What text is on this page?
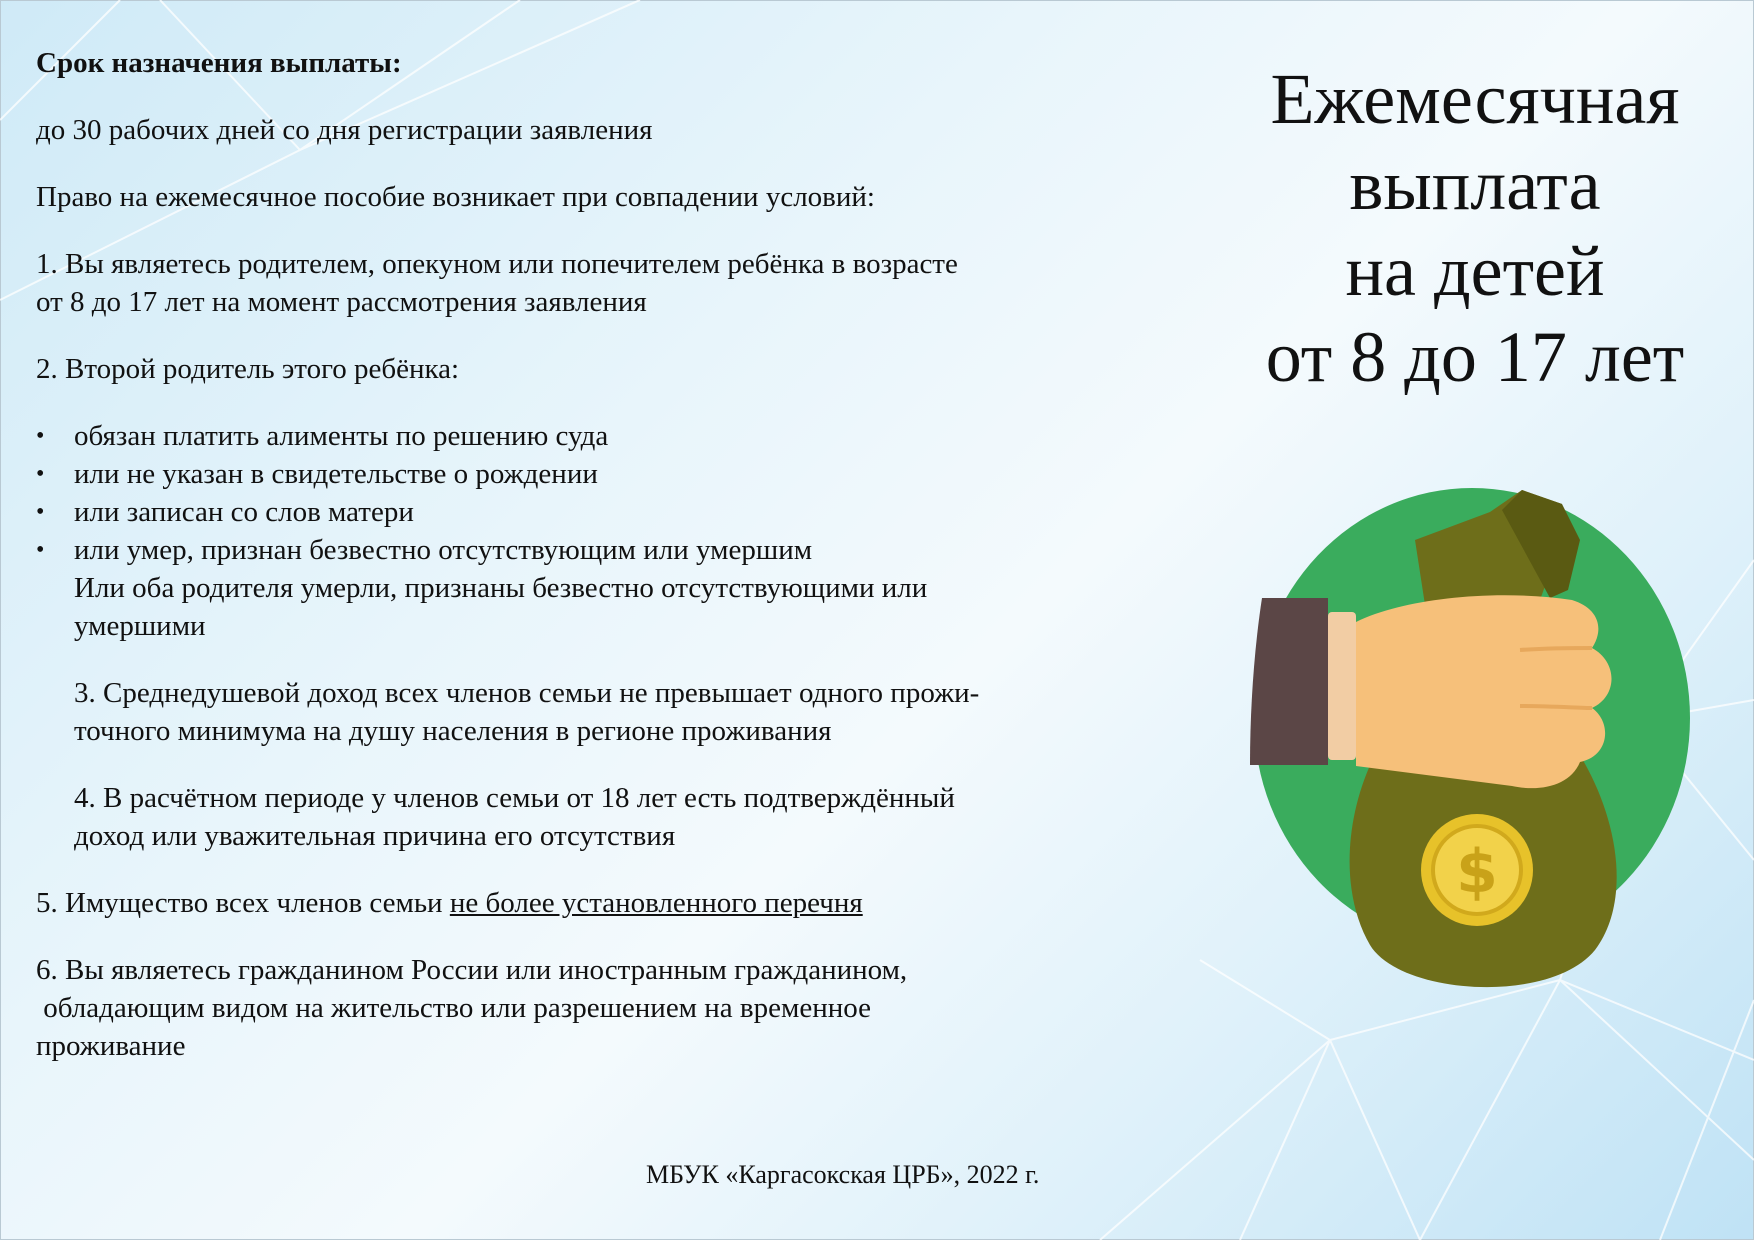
Срок назначения выплаты:

до 30 рабочих дней со дня регистрации заявления

Право на ежемесячное пособие возникает при совпадении условий:

1. Вы являетесь родителем, опекуном или попечителем ребёнка в возрасте

от 8 до 17 лет на момент рассмотрения заявления

2. Второй родитель этого ребёнка:

• обязан платить алименты по решению суда
• или не указан в свидетельстве о рождении
• или записан со слов матери
• или умер, признан безвестно отсутствующим или умершим

Или оба родителя умерли, признаны безвестно отсутствующими или

умершими

3. Среднедушевой доход всех членов семьи не превышает одного прожи-

точного минимума на душу населения в регионе проживания

4. В расчётном периоде у членов семьи от 18 лет есть подтверждённый

доход или уважительная причина его отсутствия

5. Имущество всех членов семьи не более установленного перечня

6. Вы являетесь гражданином России или иностранным гражданином,

обладающим видом на жительство или разрешением на временное

проживание

Ежемесячная
выплата
на детей
от 8 до 17 лет
$
МБУК «Каргасокская ЦРБ», 2022 г.
